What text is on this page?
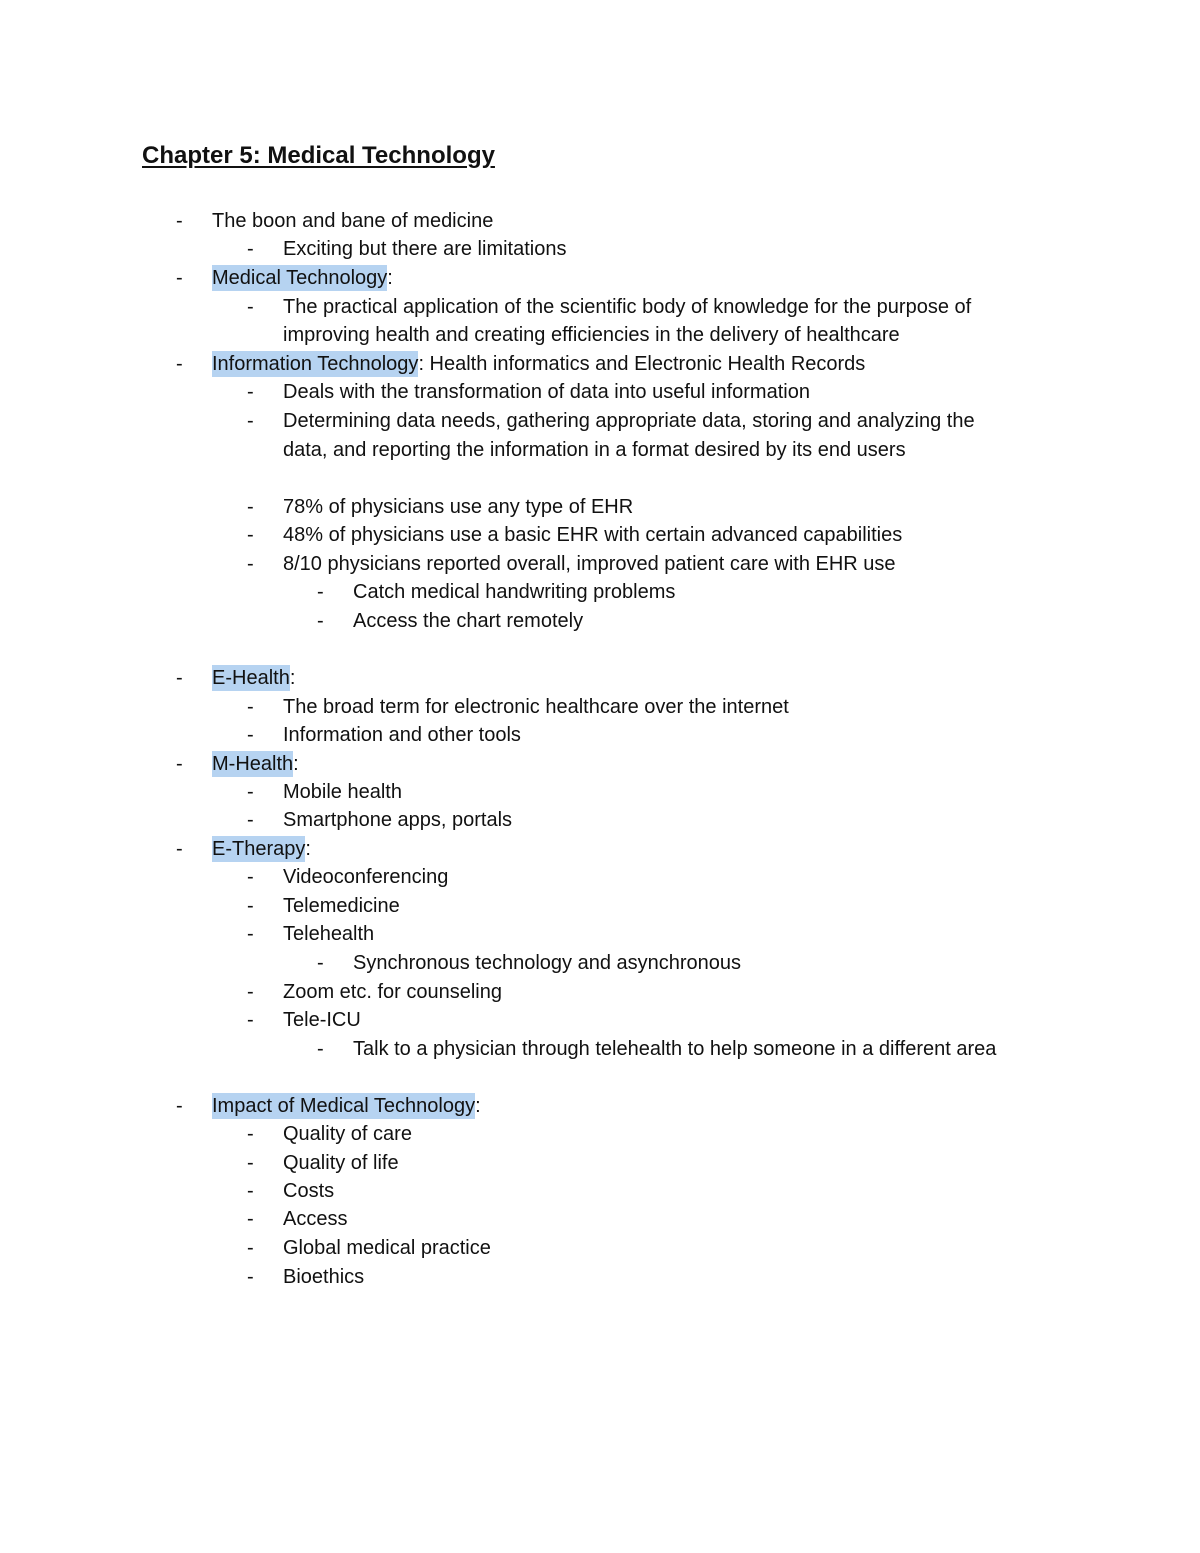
Chapter 5: Medical Technology
- The boon and bane of medicine
- Exciting but there are limitations
- Medical Technology:
- The practical application of the scientific body of knowledge for the purpose of
improving health and creating efficiencies in the delivery of healthcare
- Information Technology: Health informatics and Electronic Health Records
- Deals with the transformation of data into useful information
- Determining data needs, gathering appropriate data, storing and analyzing the
data, and reporting the information in a format desired by its end users
- 78% of physicians use any type of EHR
- 48% of physicians use a basic EHR with certain advanced capabilities
- 8/10 physicians reported overall, improved patient care with EHR use
- Catch medical handwriting problems
- Access the chart remotely
- E-Health:
- The broad term for electronic healthcare over the internet
- Information and other tools
- M-Health:
- Mobile health
- Smartphone apps, portals
- E-Therapy:
- Videoconferencing
- Telemedicine
- Telehealth
- Synchronous technology and asynchronous
- Zoom etc. for counseling
- Tele-ICU
- Talk to a physician through telehealth to help someone in a different area
- Impact of Medical Technology:
- Quality of care
- Quality of life
- Costs
- Access
- Global medical practice
- Bioethics
